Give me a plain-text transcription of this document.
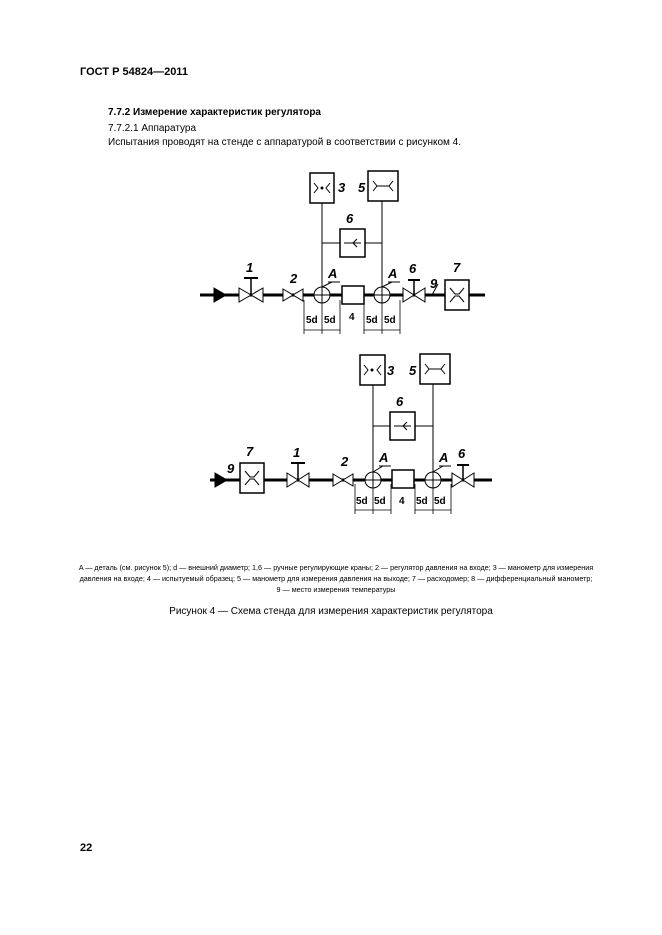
ГОСТ Р 54824—2011
7.7.2 Измерение характеристик регулятора
7.7.2.1 Аппаратура
Испытания проводят на стенде с аппаратурой в соответствии с рисунком 4.
1
2 A
4
A 6
9
7
3 5
6
5d 5d	5d 5d
9
7	1
2 A
4
A 6
3 5
6
5d 5d	5d 5d
A — деталь (см. рисунок 5); d — внешний диаметр; 1,6 — ручные регулирующие краны; 2 — регулятор давления на входе; 3 — манометр для измерения давления на входе; 4 — испытуемый образец; 5 — манометр для измерения давления на выходе; 7 — расходомер; 8 — дифференциальный манометр; 9 — место измерения температуры
Рисунок 4 — Схема стенда для измерения характеристик регулятора
22
